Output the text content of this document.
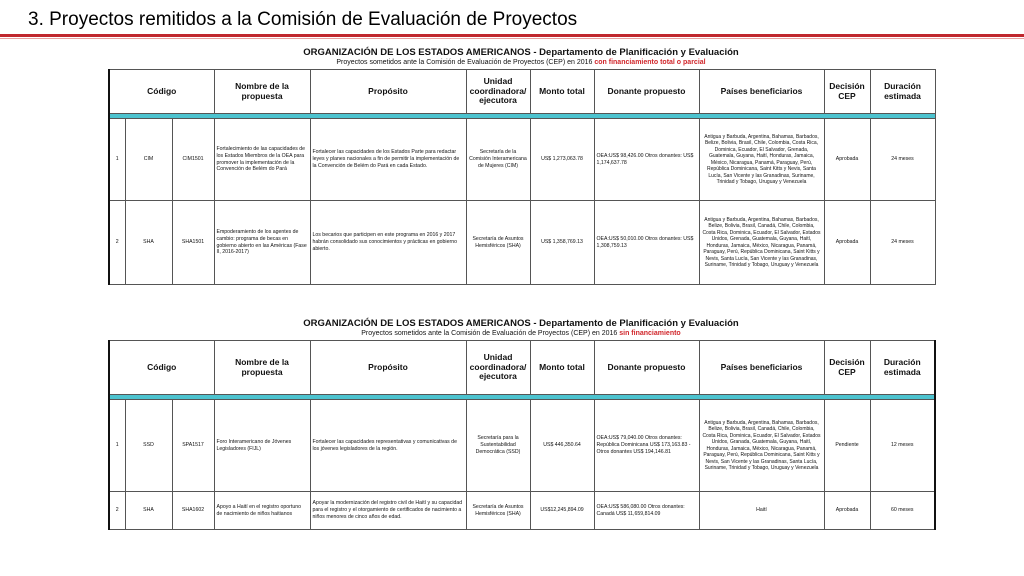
3. Proyectos remitidos a la Comisión de Evaluación de Proyectos
ORGANIZACIÓN DE LOS ESTADOS AMERICANOS - Departamento de Planificación y Evaluación
Proyectos sometidos ante la Comisión de Evaluación de Proyectos (CEP) en 2016 con financiamiento total o parcial
Código			Nombre de la propuesta	Propósito	Unidad coordinadora/ ejecutora	Monto total	Donante propuesto	Países beneficiarios	Decisión CEP	Duración estimada

1	CIM	CIM1501	Fortalecimiento de las capacidades de los Estados Miembros de la OEA para promover la implementación de la Convención de Belém do Pará	Fortalecer las capacidades de los Estados Parte para redactar leyes y planes nacionales a fin de permitir la implementación de la Convención de Belém do Pará en cada Estado.	Secretaría de la Comisión Interamericana de Mujeres (CIM)	US$ 1,273,063.78	OEA:US$ 98,426.00 Otros donantes: US$ 1,174,637.78	Antigua y Barbuda, Argentina, Bahamas, Barbados, Belize, Bolivia, Brasil, Chile, Colombia, Costa Rica, Dominica, Ecuador, El Salvador, Grenada, Guatemala, Guyana, Haití, Honduras, Jamaica, México, Nicaragua, Panamá, Paraguay, Perú, República Dominicana, Saint Kitts y Nevis, Santa Lucía, San Vicente y las Granadinas, Suriname, Trinidad y Tobago, Uruguay y Venezuela	Aprobada	24 meses
2	SHA	SHA1501	Empoderamiento de los agentes de cambio: programa de becas en gobierno abierto en las Américas (Fase II, 2016-2017)	Los becarios que participen en este programa en 2016 y 2017 habrán consolidado sus conocimientos y prácticas en gobierno abierto.	Secretaría de Asuntos Hemisféricos (SHA)	US$ 1,358,769.13	OEA:US$ 50,010.00 Otros donantes: US$ 1,308,759.13	Antigua y Barbuda, Argentina, Bahamas, Barbados, Belize, Bolivia, Brasil, Canadá, Chile, Colombia, Costa Rica, Dominica, Ecuador, El Salvador, Estados Unidos, Grenada, Guatemala, Guyana, Haití, Honduras, Jamaica, México, Nicaragua, Panamá, Paraguay, Perú, República Dominicana, Saint Kitts y Nevis, Santa Lucía, San Vicente y las Granadinas, Suriname, Trinidad y Tobago, Uruguay y Venezuela	Aprobada	24 meses
ORGANIZACIÓN DE LOS ESTADOS AMERICANOS - Departamento de Planificación y Evaluación
Proyectos sometidos ante la Comisión de Evaluación de Proyectos (CEP) en 2016 sin financiamiento
Código			Nombre de la propuesta	Propósito	Unidad coordinadora/ ejecutora	Monto total	Donante propuesto	Países beneficiarios	Decisión CEP	Duración estimada

1	SSD	SPA1517	Foro Interamericano de Jóvenes Legisladores (FIJL)	Fortalecer las capacidades representativas y comunicativas de los jóvenes legisladores de la región.	Secretaría para la Sustentabilidad Democrática (SSD)	US$ 446,350.64	OEA:US$ 79,040.00 Otros donantes: República Dominicana US$ 173,163.83 - Otros donantes US$ 194,146.81	Antigua y Barbuda, Argentina, Bahamas, Barbados, Belize, Bolivia, Brasil, Canadá, Chile, Colombia, Costa Rica, Dominica, Ecuador, El Salvador, Estados Unidos, Granada, Guatemala, Guyana, Haití, Honduras, Jamaica, México, Nicaragua, Panamá, Paraguay, Perú, República Dominicana, Saint Kitts y Nevis, San Vicente y las Granadinas, Santa Lucía, Suriname, Trinidad y Tobago, Uruguay y Venezuela	Pendiente	12 meses
2	SHA	SHA1602	Apoyo a Haití en el registro oportuno de nacimiento de niños haitianos	Apoyar la modernización del registro civil de Haití y su capacidad para el registro y el otorgamiento de certificados de nacimiento a niños menores de cinco años de edad.	Secretaría de Asuntos Hemisféricos (SHA)	US$12,245,894.09	OEA:US$ 586,080.00 Otros donantes: Canadá US$ 11,659,814.09	Haití	Aprobada	60 meses
